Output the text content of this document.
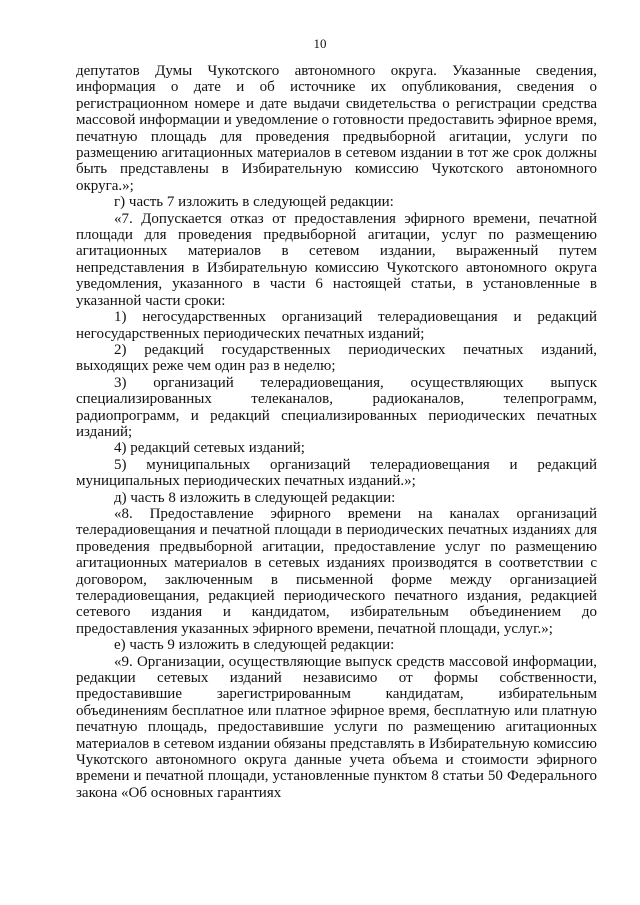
10

депутатов Думы Чукотского автономного округа. Указанные сведения, информация о дате и об источнике их опубликования, сведения о регистрационном номере и дате выдачи свидетельства о регистрации средства массовой информации и уведомление о готовности предоставить эфирное время, печатную площадь для проведения предвыборной агитации, услуги по размещению агитационных материалов в сетевом издании в тот же срок должны быть представлены в Избирательную комиссию Чукотского автономного округа.»;

г) часть 7 изложить в следующей редакции:

«7. Допускается отказ от предоставления эфирного времени, печатной площади для проведения предвыборной агитации, услуг по размещению агитационных материалов в сетевом издании, выраженный путем непредставления в Избирательную комиссию Чукотского автономного округа уведомления, указанного в части 6 настоящей статьи, в установленные в указанной части сроки:

1) негосударственных организаций телерадиовещания и редакций негосударственных периодических печатных изданий;

2) редакций государственных периодических печатных изданий, выходящих реже чем один раз в неделю;

3) организаций телерадиовещания, осуществляющих выпуск специализированных телеканалов, радиоканалов, телепрограмм, радиопрограмм, и редакций специализированных периодических печатных изданий;

4) редакций сетевых изданий;

5) муниципальных организаций телерадиовещания и редакций муниципальных периодических печатных изданий.»;

д) часть 8 изложить в следующей редакции:

«8. Предоставление эфирного времени на каналах организаций телерадиовещания и печатной площади в периодических печатных изданиях для проведения предвыборной агитации, предоставление услуг по размещению агитационных материалов в сетевых изданиях производятся в соответствии с договором, заключенным в письменной форме между организацией телерадиовещания, редакцией периодического печатного издания, редакцией сетевого издания и кандидатом, избирательным объединением до предоставления указанных эфирного времени, печатной площади, услуг.»;

е) часть 9 изложить в следующей редакции:

«9. Организации, осуществляющие выпуск средств массовой информации, редакции сетевых изданий независимо от формы собственности, предоставившие зарегистрированным кандидатам, избирательным объединениям бесплатное или платное эфирное время, бесплатную или платную печатную площадь, предоставившие услуги по размещению агитационных материалов в сетевом издании обязаны представлять в Избирательную комиссию Чукотского автономного округа данные учета объема и стоимости эфирного времени и печатной площади, установленные пунктом 8 статьи 50 Федерального закона «Об основных гарантиях
